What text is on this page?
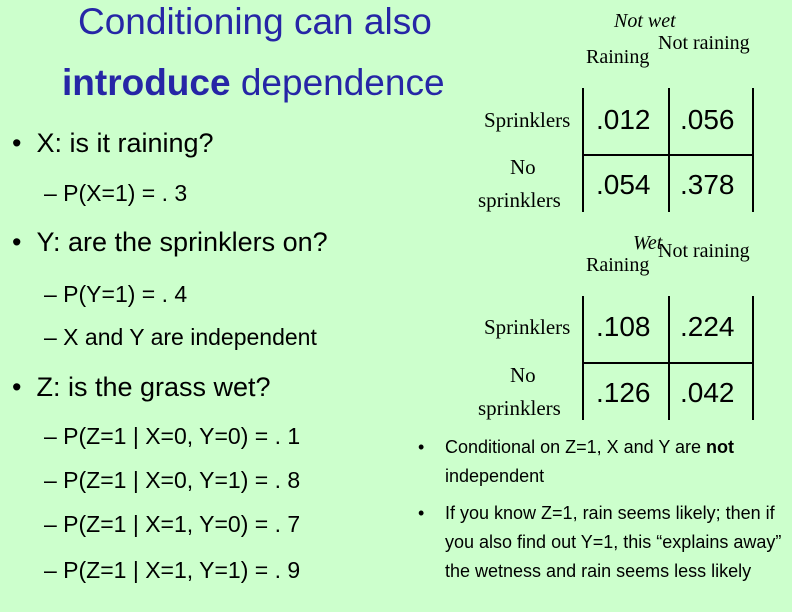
Conditioning can also
introduce dependence
• X: is it raining?
– P(X=1) = . 3
• Y: are the sprinklers on?
– P(Y=1) = . 4
– X and Y are independent
• Z: is the grass wet?
– P(Z=1 | X=0, Y=0) = . 1
– P(Z=1 | X=0, Y=1) = . 8
– P(Z=1 | X=1, Y=0) = . 7
– P(Z=1 | X=1, Y=1) = . 9
Not wet
Not raining
Raining
Sprinklers
No
sprinklers
.012 .056
.054 .378
Wet
Not raining
Raining
Sprinklers
No
sprinklers
.108 .224
.126 .042
•	Conditional on Z=1, X and Y are not independent
•	If you know Z=1, rain seems likely; then if you also find out Y=1, this “explains away” the wetness and rain seems less likely
